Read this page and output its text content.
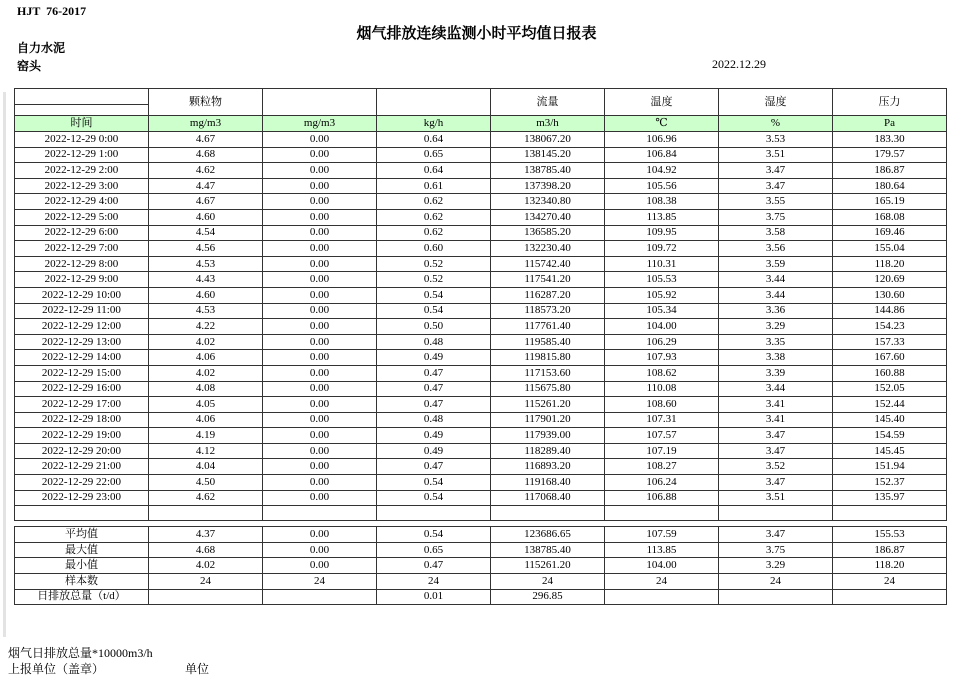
HJT  76-2017
烟气排放连续监测小时平均值日报表
自力水泥
窑头	2022.12.29
	颗粒物			流量	温度	湿度	压力

时间	mg/m3	mg/m3	kg/h	m3/h	℃	%	Pa
2022-12-29 0:00	4.67	0.00	0.64	138067.20	106.96	3.53	183.30
2022-12-29 1:00	4.68	0.00	0.65	138145.20	106.84	3.51	179.57
2022-12-29 2:00	4.62	0.00	0.64	138785.40	104.92	3.47	186.87
2022-12-29 3:00	4.47	0.00	0.61	137398.20	105.56	3.47	180.64
2022-12-29 4:00	4.67	0.00	0.62	132340.80	108.38	3.55	165.19
2022-12-29 5:00	4.60	0.00	0.62	134270.40	113.85	3.75	168.08
2022-12-29 6:00	4.54	0.00	0.62	136585.20	109.95	3.58	169.46
2022-12-29 7:00	4.56	0.00	0.60	132230.40	109.72	3.56	155.04
2022-12-29 8:00	4.53	0.00	0.52	115742.40	110.31	3.59	118.20
2022-12-29 9:00	4.43	0.00	0.52	117541.20	105.53	3.44	120.69
2022-12-29 10:00	4.60	0.00	0.54	116287.20	105.92	3.44	130.60
2022-12-29 11:00	4.53	0.00	0.54	118573.20	105.34	3.36	144.86
2022-12-29 12:00	4.22	0.00	0.50	117761.40	104.00	3.29	154.23
2022-12-29 13:00	4.02	0.00	0.48	119585.40	106.29	3.35	157.33
2022-12-29 14:00	4.06	0.00	0.49	119815.80	107.93	3.38	167.60
2022-12-29 15:00	4.02	0.00	0.47	117153.60	108.62	3.39	160.88
2022-12-29 16:00	4.08	0.00	0.47	115675.80	110.08	3.44	152.05
2022-12-29 17:00	4.05	0.00	0.47	115261.20	108.60	3.41	152.44
2022-12-29 18:00	4.06	0.00	0.48	117901.20	107.31	3.41	145.40
2022-12-29 19:00	4.19	0.00	0.49	117939.00	107.57	3.47	154.59
2022-12-29 20:00	4.12	0.00	0.49	118289.40	107.19	3.47	145.45
2022-12-29 21:00	4.04	0.00	0.47	116893.20	108.27	3.52	151.94
2022-12-29 22:00	4.50	0.00	0.54	119168.40	106.24	3.47	152.37
2022-12-29 23:00	4.62	0.00	0.54	117068.40	106.88	3.51	135.97

平均值	4.37	0.00	0.54	123686.65	107.59	3.47	155.53
最大值	4.68	0.00	0.65	138785.40	113.85	3.75	186.87
最小值	4.02	0.00	0.47	115261.20	104.00	3.29	118.20
样本数	24	24	24	24	24	24	24
日排放总量（t/d）			0.01	296.85			
烟气日排放总量*10000m3/h
上报单位（盖章）	单位
